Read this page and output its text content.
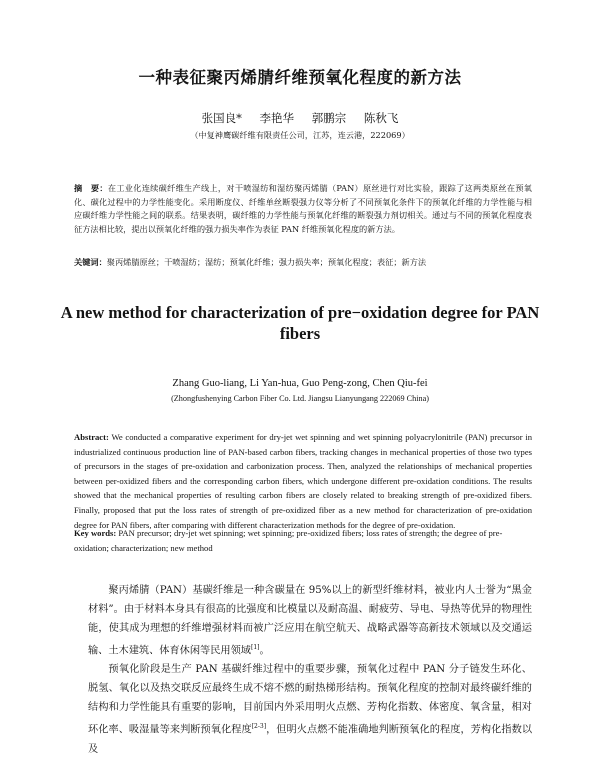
一种表征聚丙烯腈纤维预氧化程度的新方法
张国良* 李艳华 郭鹏宗 陈秋飞
（中复神鹰碳纤维有限责任公司，江苏，连云港，222069）
摘　要：在工业化连续碳纤维生产线上，对干喷湿纺和湿纺聚丙烯腈（PAN）原丝进行对比实验，跟踪了这两类原丝在预氧化、碳化过程中的力学性能变化。采用断度仪、纤维单丝断裂强力仪等分析了不同预氧化条件下的预氧化纤维的力学性能与相应碳纤维力学性能之间的联系。结果表明，碳纤维的力学性能与预氧化纤维的断裂强力剂切相关。通过与不同的预氧化程度表征方法相比较，提出以预氧化纤维的强力损失率作为表征 PAN 纤维预氧化程度的新方法。
关键词：聚丙烯腈原丝；干喷湿纺；湿纺；预氧化纤维；强力损失率；预氧化程度；表征；新方法
A new method for characterization of pre−oxidation degree for PAN fibers
Zhang Guo-liang, Li Yan-hua, Guo Peng-zong, Chen Qiu-fei
(Zhongfushenying Carbon Fiber Co. Ltd. Jiangsu Lianyungang 222069 China)
Abstract: We conducted a comparative experiment for dry-jet wet spinning and wet spinning polyacrylonitrile (PAN) precursor in industrialized continuous production line of PAN-based carbon fibers, tracking changes in mechanical properties of those two types of precursors in the stages of pre-oxidation and carbonization process. Then, analyzed the relationships of mechanical properties between per-oxidized fibers and the corresponding carbon fibers, which undergone different pre-oxidation conditions. The results showed that the mechanical properties of resulting carbon fibers are closely related to breaking strength of pre-oxidized fibers. Finally, proposed that put the loss rates of strength of pre-oxidized fiber as a new method for characterization of pre-oxidation degree for PAN fibers, after comparing with different characterization methods for the degree of pre-oxidation.
Key words: PAN precursor; dry-jet wet spinning; wet spinning; pre-oxidized fibers; loss rates of strength; the degree of pre-oxidation; characterization; new method

聚丙烯腈（PAN）基碳纤维是一种含碳量在 95%以上的新型纤维材料，被业内人士誉为“黑金材料”。由于材料本身具有很高的比强度和比模量以及耐高温、耐疲劳、导电、导热等优异的物理性能，使其成为理想的纤维增强材料而被广泛应用在航空航天、战略武器等高新技术领域以及交通运输、土木建筑、体育休闲等民用领域[1]。

预氧化阶段是生产 PAN 基碳纤维过程中的重要步骤，预氧化过程中 PAN 分子链发生环化、脱氢、氧化以及热交联反应最终生成不熔不燃的耐热梯形结构。预氧化程度的控制对最终碳纤维的结构和力学性能具有重要的影响，目前国内外采用明火点燃、芳构化指数、体密度、氧含量，相对环化率、吸湿量等来判断预氧化程度[2-3]，但明火点燃不能准确地判断预氧化的程度，芳构化指数以及
